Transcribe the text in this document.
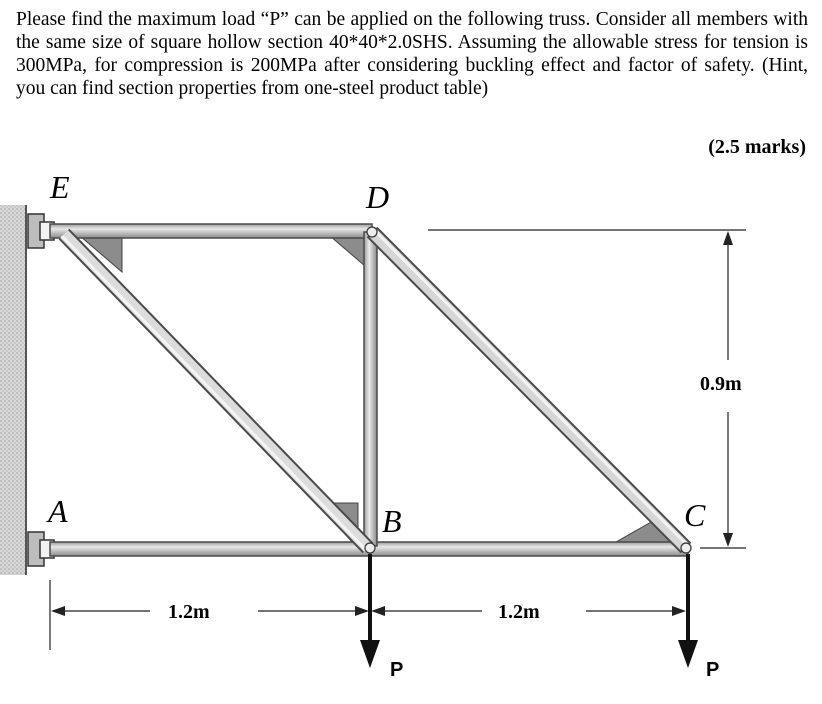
Please find the maximum load “P” can be applied on the following truss. Consider all members with the same size of square hollow section 40*40*2.0SHS. Assuming the allowable stress for tension is 300MPa, for compression is 200MPa after considering buckling effect and factor of safety. (Hint, you can find section properties from one-steel product table)
(2.5 marks)
E	D
A	B	C
0.9m
1.2m	1.2m
P	P
